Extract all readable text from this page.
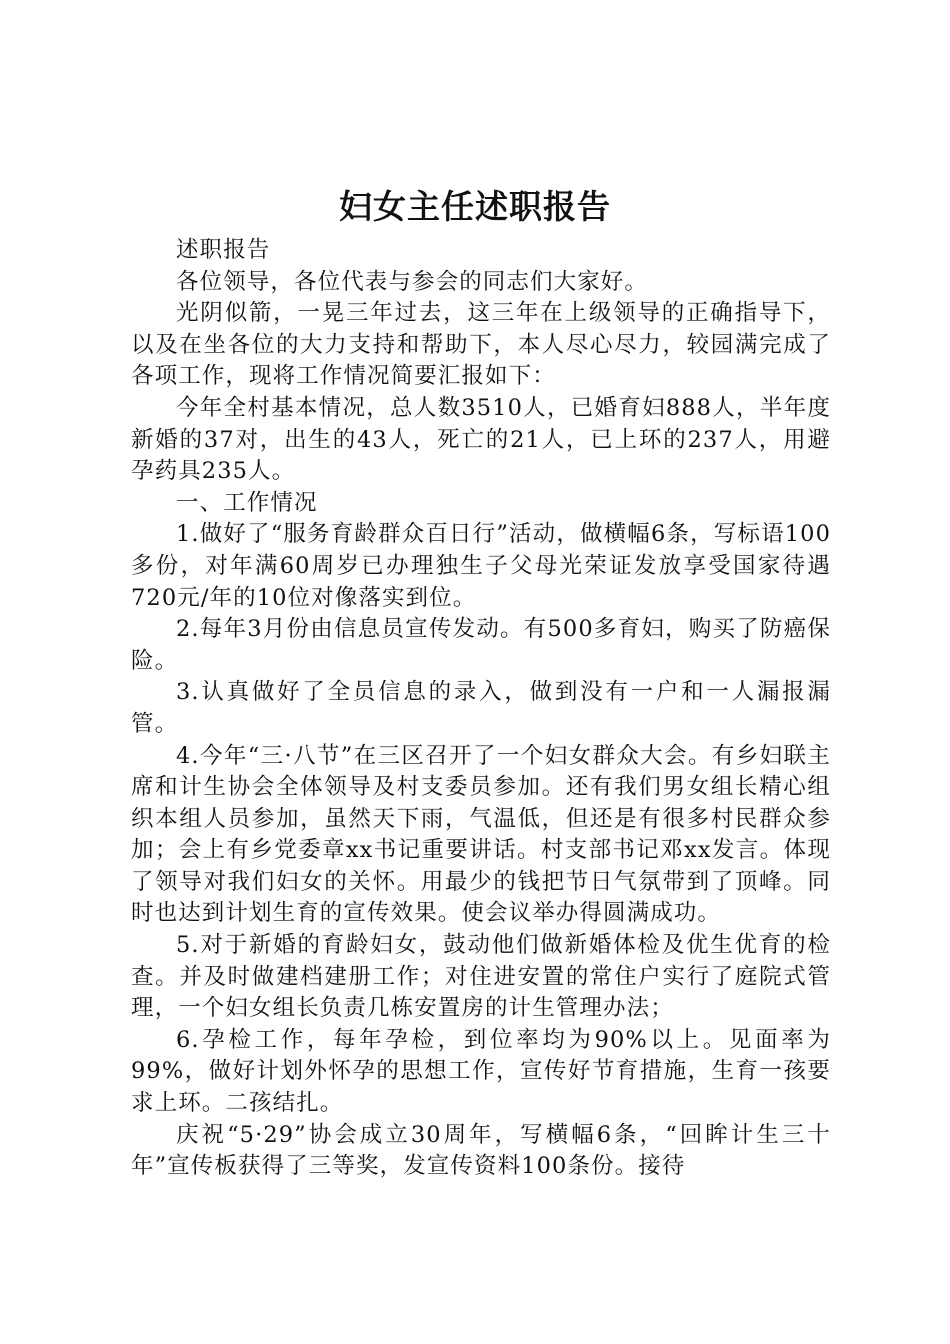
妇女主任述职报告

述职报告

各位领导，各位代表与参会的同志们大家好。

光阴似箭，一晃三年过去，这三年在上级领导的正确指导下，以及在坐各位的大力支持和帮助下，本人尽心尽力，较园满完成了各项工作，现将工作情况简要汇报如下：

今年全村基本情况，总人数3510人，已婚育妇888人，半年度新婚的37对，出生的43人，死亡的21人，已上环的237人，用避孕药具235人。

一、工作情况

1.做好了“服务育龄群众百日行”活动，做横幅6条，写标语100多份，对年满60周岁已办理独生子父母光荣证发放享受国家待遇720元/年的10位对像落实到位。

2.每年3月份由信息员宣传发动。有500多育妇，购买了防癌保险。

3.认真做好了全员信息的录入，做到没有一户和一人漏报漏管。

4.今年“三·八节”在三区召开了一个妇女群众大会。有乡妇联主席和计生协会全体领导及村支委员参加。还有我们男女组长精心组织本组人员参加，虽然天下雨，气温低，但还是有很多村民群众参加；会上有乡党委章xx书记重要讲话。村支部书记邓xx发言。体现了领导对我们妇女的关怀。用最少的钱把节日气氛带到了顶峰。同时也达到计划生育的宣传效果。使会议举办得圆满成功。

5.对于新婚的育龄妇女，鼓动他们做新婚体检及优生优育的检查。并及时做建档建册工作；对住进安置的常住户实行了庭院式管理，一个妇女组长负责几栋安置房的计生管理办法；

6.孕检工作，每年孕检，到位率均为90%以上。见面率为99%，做好计划外怀孕的思想工作，宣传好节育措施，生育一孩要求上环。二孩结扎。

庆祝“5·29”协会成立30周年，写横幅6条，“回眸计生三十年”宣传板获得了三等奖，发宣传资料100条份。接待
